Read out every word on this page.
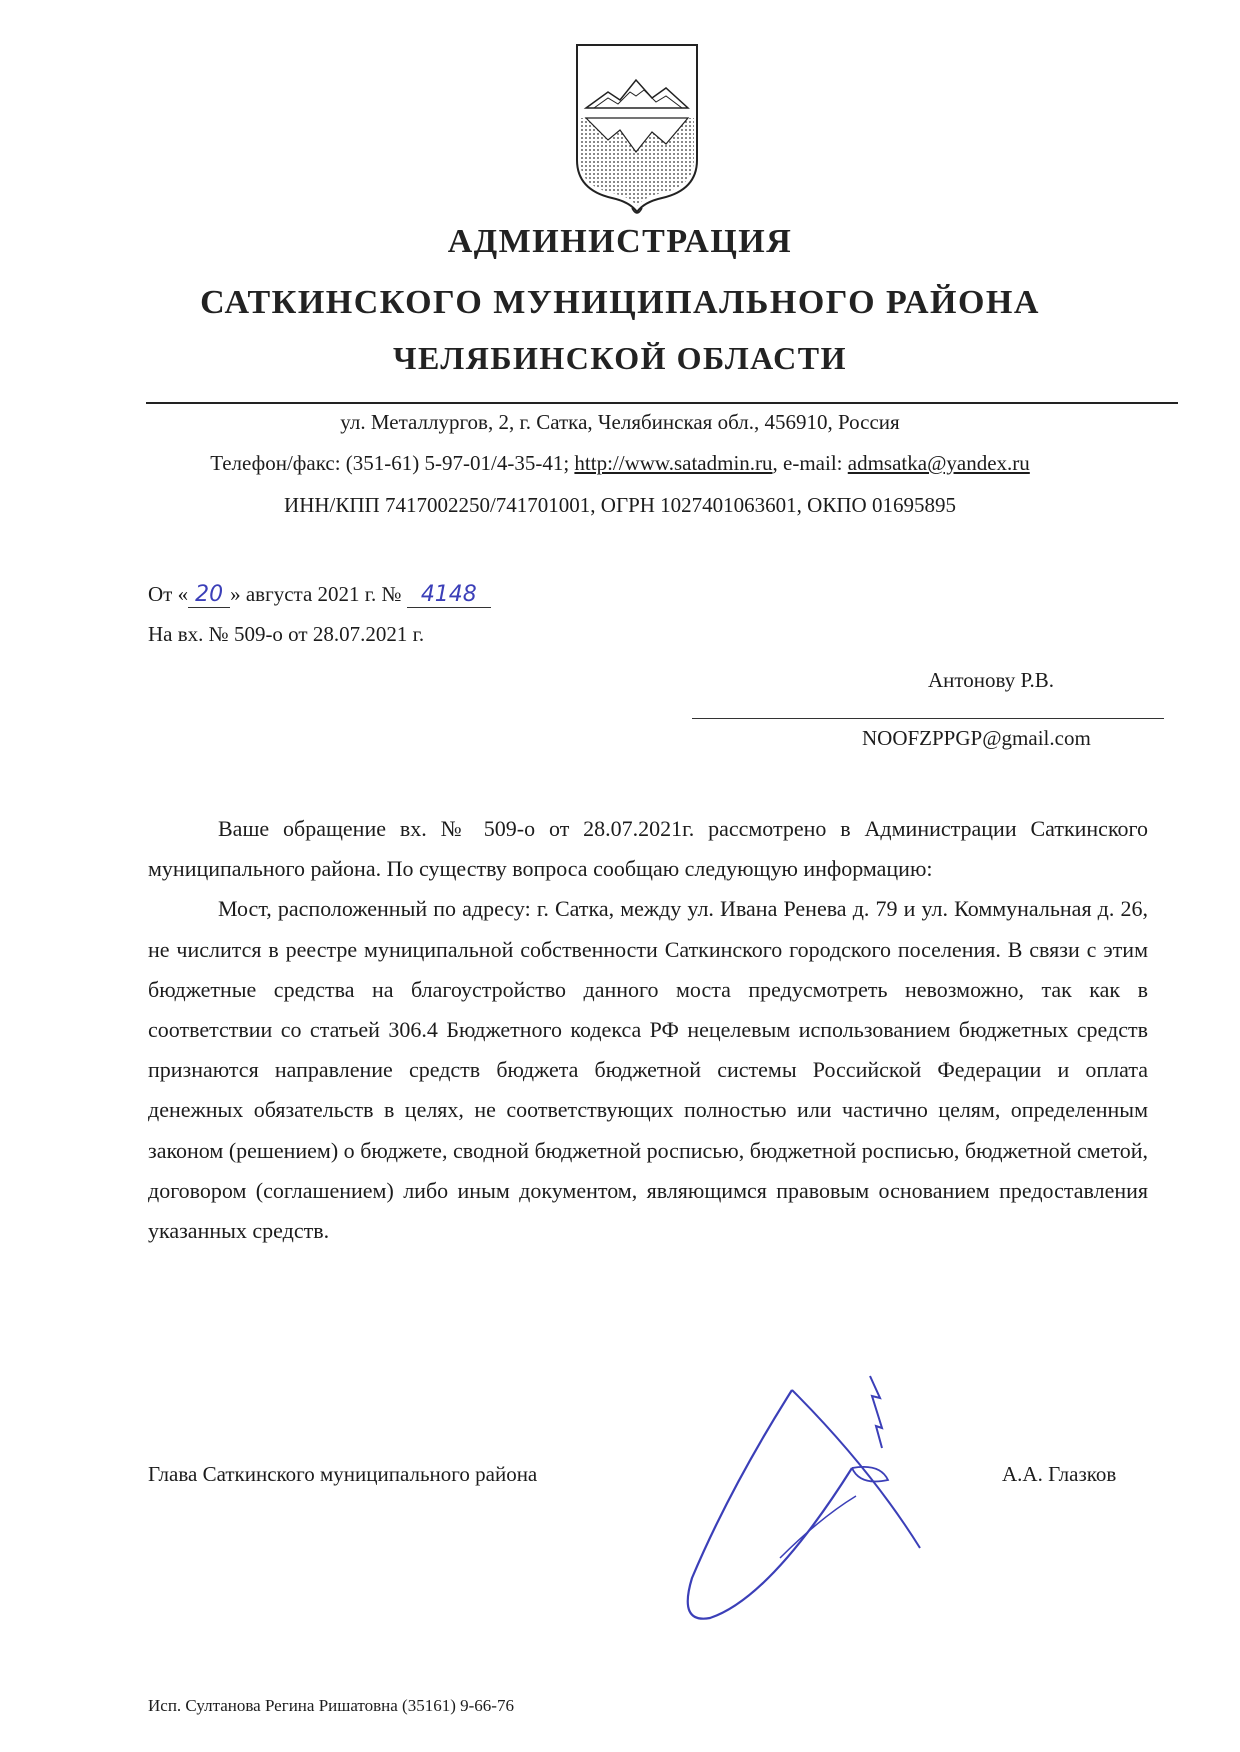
АДМИНИСТРАЦИЯ
САТКИНСКОГО МУНИЦИПАЛЬНОГО РАЙОНА
ЧЕЛЯБИНСКОЙ ОБЛАСТИ
ул. Металлургов, 2, г. Сатка, Челябинская обл., 456910, Россия
Телефон/факс: (351-61) 5-97-01/4-35-41; http://www.satadmin.ru, e-mail: admsatka@yandex.ru
ИНН/КПП 7417002250/741701001, ОГРН 1027401063601, ОКПО 01695895
От « 20 » августа 2021 г. № 4148
На вх. № 509-о от 28.07.2021 г.
Антонову Р.В.
NOOFZPPGP@gmail.com

Ваше обращение вх. № 509-о от 28.07.2021г. рассмотрено в Администрации Саткинского муниципального района. По существу вопроса сообщаю следующую информацию:

Мост, расположенный по адресу: г. Сатка, между ул. Ивана Ренева д. 79 и ул. Коммунальная д. 26, не числится в реестре муниципальной собственности Саткинского городского поселения. В связи с этим бюджетные средства на благоустройство данного моста предусмотреть невозможно, так как в соответствии со статьей 306.4 Бюджетного кодекса РФ нецелевым использованием бюджетных средств признаются направление средств бюджета бюджетной системы Российской Федерации и оплата денежных обязательств в целях, не соответствующих полностью или частично целям, определенным законом (решением) о бюджете, сводной бюджетной росписью, бюджетной росписью, бюджетной сметой, договором (соглашением) либо иным документом, являющимся правовым основанием предоставления указанных средств.

Глава Саткинского муниципального района	А.А. Глазков
Исп. Султанова Регина Ришатовна (35161) 9-66-76
